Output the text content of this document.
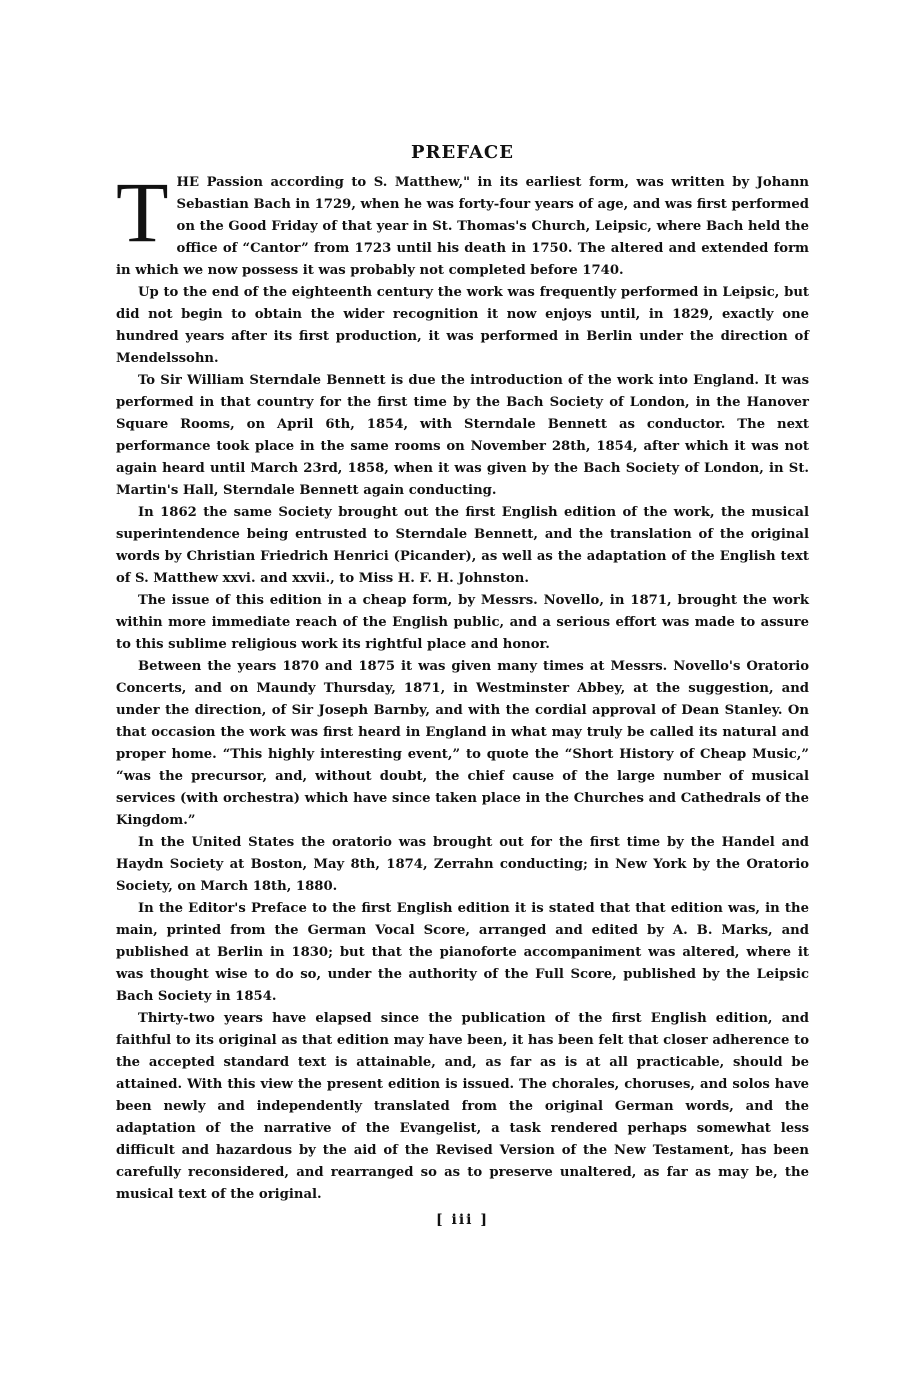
PREFACE

THE Passion according to S. Matthew," in its earliest form, was written by Johann Sebastian Bach in 1729, when he was forty-four years of age, and was first performed on the Good Friday of that year in St. Thomas's Church, Leipsic, where Bach held the office of “Cantor” from 1723 until his death in 1750. The altered and extended form in which we now possess it was probably not completed before 1740.

Up to the end of the eighteenth century the work was frequently performed in Leipsic, but did not begin to obtain the wider recognition it now enjoys until, in 1829, exactly one hundred years after its first production, it was performed in Berlin under the direction of Mendelssohn.

To Sir William Sterndale Bennett is due the introduction of the work into England. It was performed in that country for the first time by the Bach Society of London, in the Hanover Square Rooms, on April 6th, 1854, with Sterndale Bennett as conductor. The next performance took place in the same rooms on November 28th, 1854, after which it was not again heard until March 23rd, 1858, when it was given by the Bach Society of London, in St. Martin's Hall, Sterndale Bennett again conducting.

In 1862 the same Society brought out the first English edition of the work, the musical superintendence being entrusted to Sterndale Bennett, and the translation of the original words by Christian Friedrich Henrici (Picander), as well as the adaptation of the English text of S. Matthew xxvi. and xxvii., to Miss H. F. H. Johnston.

The issue of this edition in a cheap form, by Messrs. Novello, in 1871, brought the work within more immediate reach of the English public, and a serious effort was made to assure to this sublime religious work its rightful place and honor.

Between the years 1870 and 1875 it was given many times at Messrs. Novello's Oratorio Concerts, and on Maundy Thursday, 1871, in Westminster Abbey, at the suggestion, and under the direction, of Sir Joseph Barnby, and with the cordial approval of Dean Stanley. On that occasion the work was first heard in England in what may truly be called its natural and proper home. “This highly interesting event,” to quote the “Short History of Cheap Music,” “was the precursor, and, without doubt, the chief cause of the large number of musical services (with orchestra) which have since taken place in the Churches and Cathedrals of the Kingdom.”

In the United States the oratorio was brought out for the first time by the Handel and Haydn Society at Boston, May 8th, 1874, Zerrahn conducting; in New York by the Oratorio Society, on March 18th, 1880.

In the Editor's Preface to the first English edition it is stated that that edition was, in the main, printed from the German Vocal Score, arranged and edited by A. B. Marks, and published at Berlin in 1830; but that the pianoforte accompaniment was altered, where it was thought wise to do so, under the authority of the Full Score, published by the Leipsic Bach Society in 1854.

Thirty-two years have elapsed since the publication of the first English edition, and faithful to its original as that edition may have been, it has been felt that closer adherence to the accepted standard text is attainable, and, as far as is at all practicable, should be attained. With this view the present edition is issued. The chorales, choruses, and solos have been newly and independently translated from the original German words, and the adaptation of the narrative of the Evangelist, a task rendered perhaps somewhat less difficult and hazardous by the aid of the Revised Version of the New Testament, has been carefully reconsidered, and rearranged so as to preserve unaltered, as far as may be, the musical text of the original.

[ iii ]
